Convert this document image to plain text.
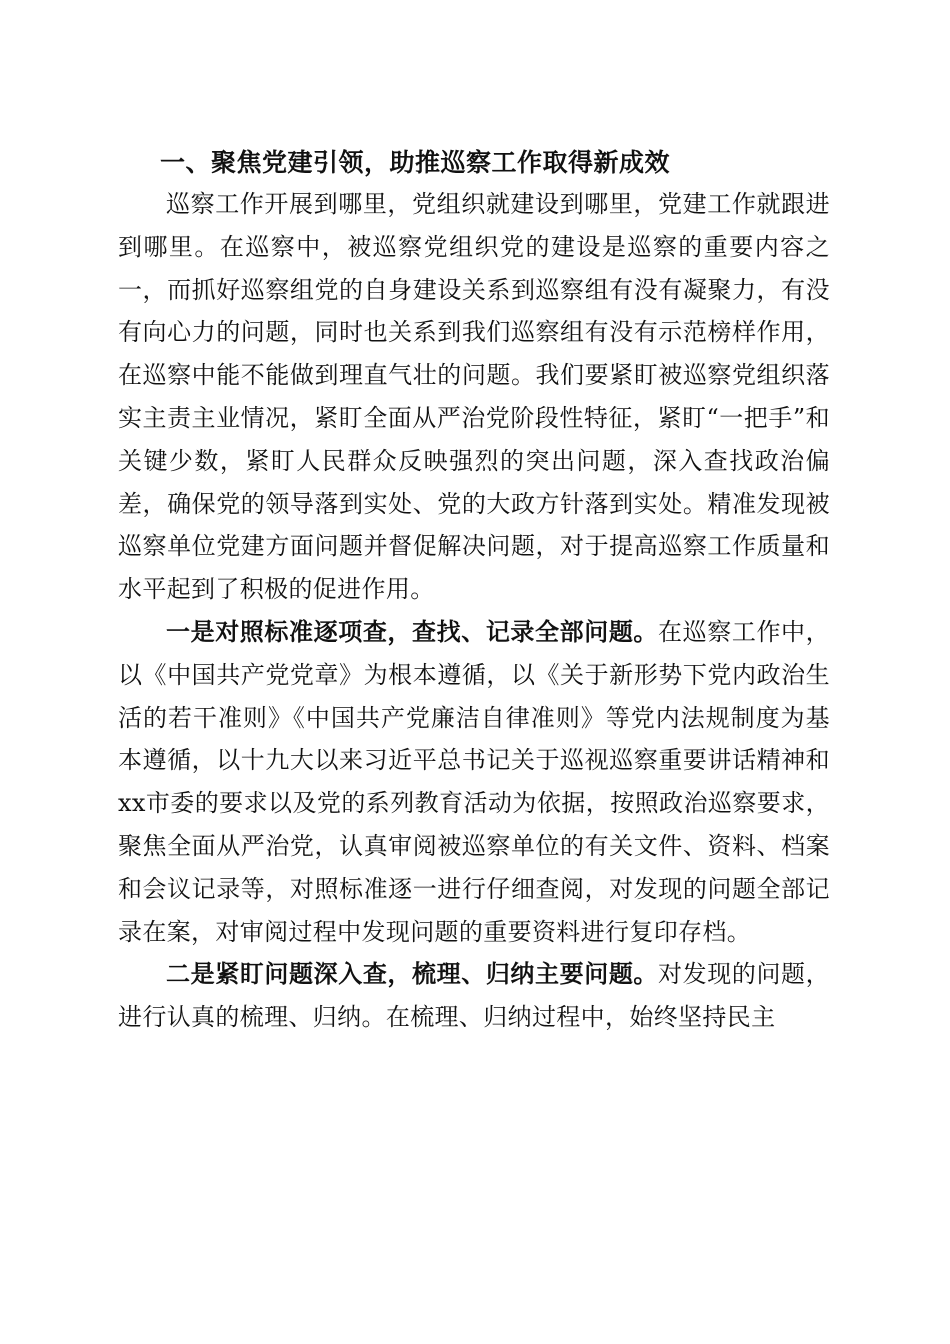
一、聚焦党建引领，助推巡察工作取得新成效

巡察工作开展到哪里，党组织就建设到哪里，党建工作就跟进到哪里。在巡察中，被巡察党组织党的建设是巡察的重要内容之一，而抓好巡察组党的自身建设关系到巡察组有没有凝聚力，有没有向心力的问题，同时也关系到我们巡察组有没有示范榜样作用，在巡察中能不能做到理直气壮的问题。我们要紧盯被巡察党组织落实主责主业情况，紧盯全面从严治党阶段性特征，紧盯“一把手”和关键少数，紧盯人民群众反映强烈的突出问题，深入查找政治偏差，确保党的领导落到实处、党的大政方针落到实处。精准发现被巡察单位党建方面问题并督促解决问题，对于提高巡察工作质量和水平起到了积极的促进作用。

一是对照标准逐项查，查找、记录全部问题。在巡察工作中，以《中国共产党党章》为根本遵循，以《关于新形势下党内政治生活的若干准则》《中国共产党廉洁自律准则》等党内法规制度为基本遵循，以十九大以来习近平总书记关于巡视巡察重要讲话精神和xx市委的要求以及党的系列教育活动为依据，按照政治巡察要求，聚焦全面从严治党，认真审阅被巡察单位的有关文件、资料、档案和会议记录等，对照标准逐一进行仔细查阅，对发现的问题全部记录在案，对审阅过程中发现问题的重要资料进行复印存档。

二是紧盯问题深入查，梳理、归纳主要问题。对发现的问题，进行认真的梳理、归纳。在梳理、归纳过程中，始终坚持民主
